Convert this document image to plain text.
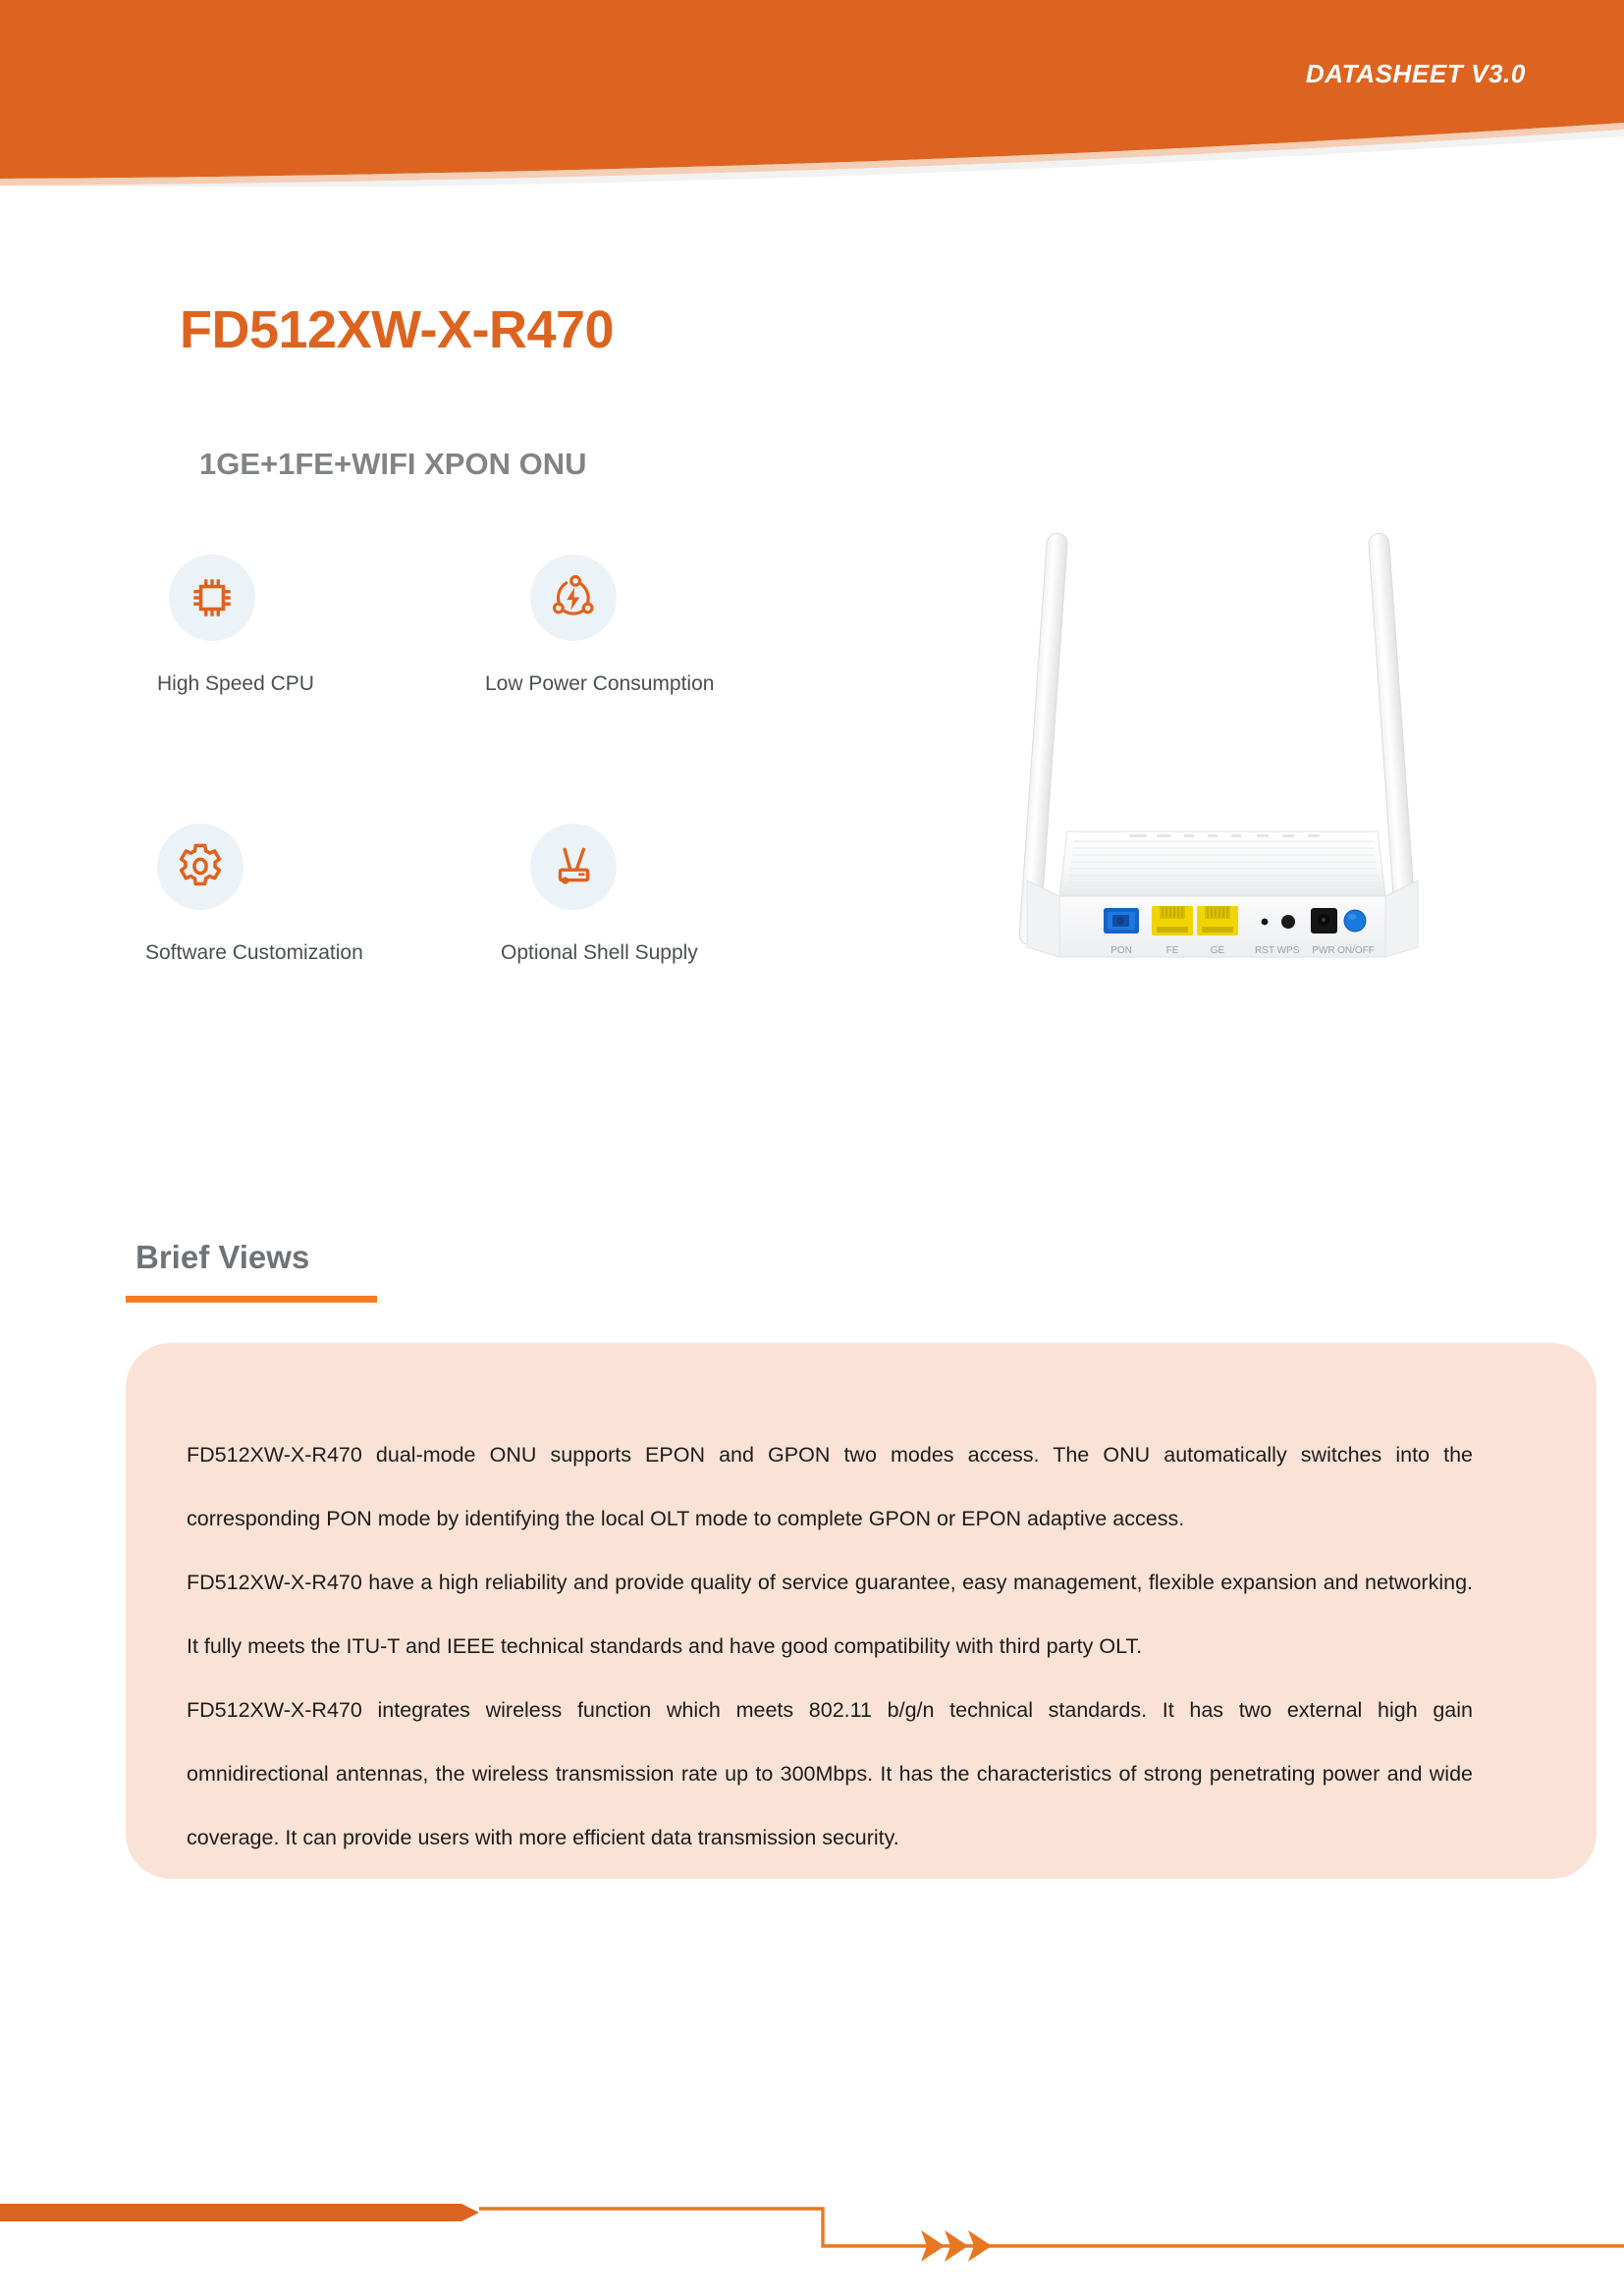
DATASHEET V3.0
FD512XW-X-R470
1GE+1FE+WIFI XPON ONU
High Speed CPU	Low Power Consumption
Software Customization	Optional Shell Supply	PON	FE	GE	RST WPS PWR ON/OFF
Brief Views

FD512XW-X-R470 dual-mode ONU supports EPON and GPON two modes access. The ONU automatically switches into the corresponding PON mode by identifying the local OLT mode to complete GPON or EPON adaptive access.

FD512XW-X-R470 have a high reliability and provide quality of service guarantee, easy management, flexible expansion and networking. It fully meets the ITU-T and IEEE technical standards and have good compatibility with third party OLT.

FD512XW-X-R470 integrates wireless function which meets 802.11 b/g/n technical standards. It has two external high gain omnidirectional antennas, the wireless transmission rate up to 300Mbps. It has the characteristics of strong penetrating power and wide coverage. It can provide users with more efficient data transmission security.
